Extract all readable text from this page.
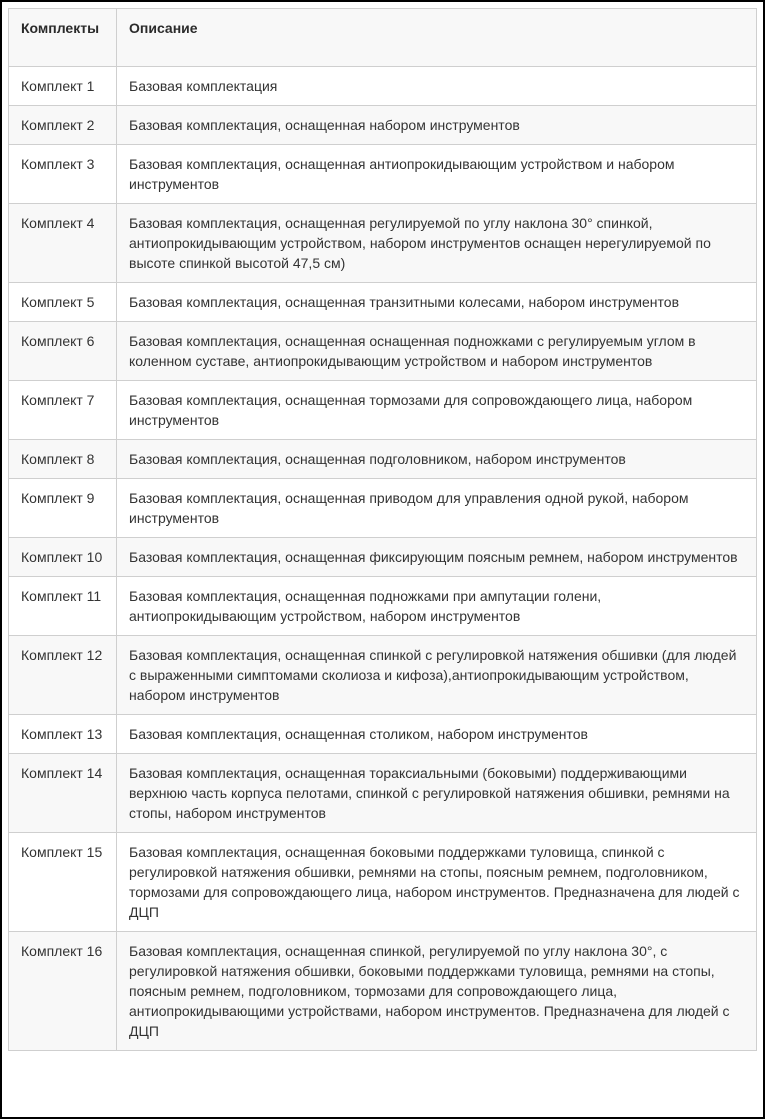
Комплекты	Описание
Комплект 1	Базовая комплектация
Комплект 2	Базовая комплектация, оснащенная набором инструментов
Комплект 3	Базовая комплектация, оснащенная антиопрокидывающим устройством и набором инструментов
Комплект 4	Базовая комплектация, оснащенная регулируемой по углу наклона 30° спинкой, антиопрокидывающим устройством, набором инструментов оснащен нерегулируемой по высоте спинкой высотой 47,5 см)
Комплект 5	Базовая комплектация, оснащенная транзитными колесами, набором инструментов
Комплект 6	Базовая комплектация, оснащенная оснащенная подножками с регулируемым углом в коленном суставе, антиопрокидывающим устройством и набором инструментов
Комплект 7	Базовая комплектация, оснащенная тормозами для сопровождающего лица, набором инструментов
Комплект 8	Базовая комплектация, оснащенная подголовником, набором инструментов
Комплект 9	Базовая комплектация, оснащенная приводом для управления одной рукой, набором инструментов
Комплект 10	Базовая комплектация, оснащенная фиксирующим поясным ремнем, набором инструментов
Комплект 11	Базовая комплектация, оснащенная подножками при ампутации голени, антиопрокидывающим устройством, набором инструментов
Комплект 12	Базовая комплектация, оснащенная спинкой с регулировкой натяжения обшивки (для людей с выраженными симптомами сколиоза и кифоза),антиопрокидывающим устройством, набором инструментов
Комплект 13	Базовая комплектация, оснащенная столиком, набором инструментов
Комплект 14	Базовая комплектация, оснащенная тораксиальными (боковыми) поддерживающими верхнюю часть корпуса пелотами, спинкой с регулировкой натяжения обшивки, ремнями на стопы, набором инструментов
Комплект 15	Базовая комплектация, оснащенная боковыми поддержками туловища, спинкой с регулировкой натяжения обшивки, ремнями на стопы, поясным ремнем, подголовником, тормозами для сопровождающего лица, набором инструментов. Предназначена для людей с ДЦП
Комплект 16	Базовая комплектация, оснащенная спинкой, регулируемой по углу наклона 30°, с регулировкой натяжения обшивки, боковыми поддержками туловища, ремнями на стопы, поясным ремнем, подголовником, тормозами для сопровождающего лица, антиопрокидывающими устройствами, набором инструментов. Предназначена для людей с ДЦП
